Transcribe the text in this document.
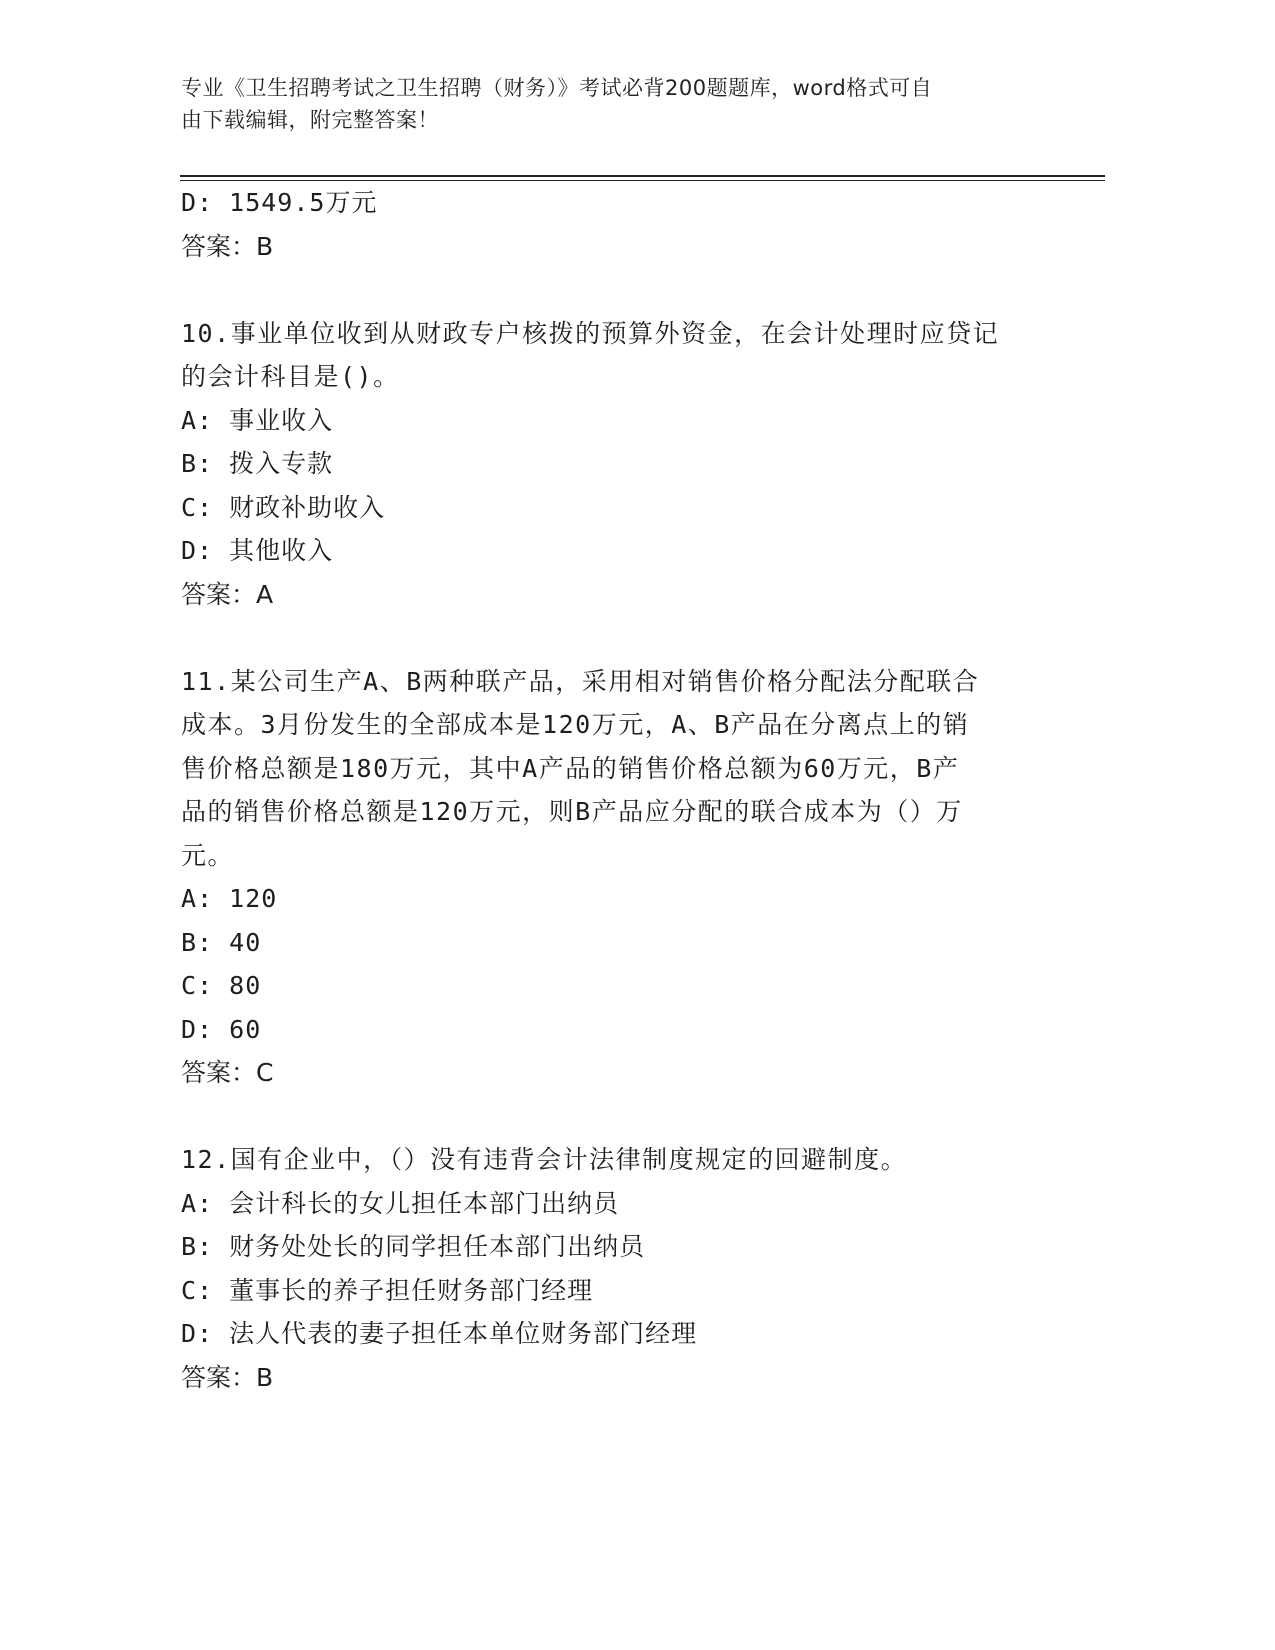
专业《卫生招聘考试之卫生招聘（财务）》考试必背200题题库，word格式可自
由下载编辑，附完整答案！
D: 1549.5万元
答案：B
10.事业单位收到从财政专户核拨的预算外资金，在会计处理时应贷记
的会计科目是()。
A: 事业收入
B: 拨入专款
C: 财政补助收入
D: 其他收入
答案：A
11.某公司生产A、B两种联产品，采用相对销售价格分配法分配联合
成本。3月份发生的全部成本是120万元，A、B产品在分离点上的销
售价格总额是180万元，其中A产品的销售价格总额为60万元，B产
品的销售价格总额是120万元，则B产品应分配的联合成本为（）万
元。
A: 120
B: 40
C: 80
D: 60
答案：C
12.国有企业中，（）没有违背会计法律制度规定的回避制度。
A: 会计科长的女儿担任本部门出纳员
B: 财务处处长的同学担任本部门出纳员
C: 董事长的养子担任财务部门经理
D: 法人代表的妻子担任本单位财务部门经理
答案：B
